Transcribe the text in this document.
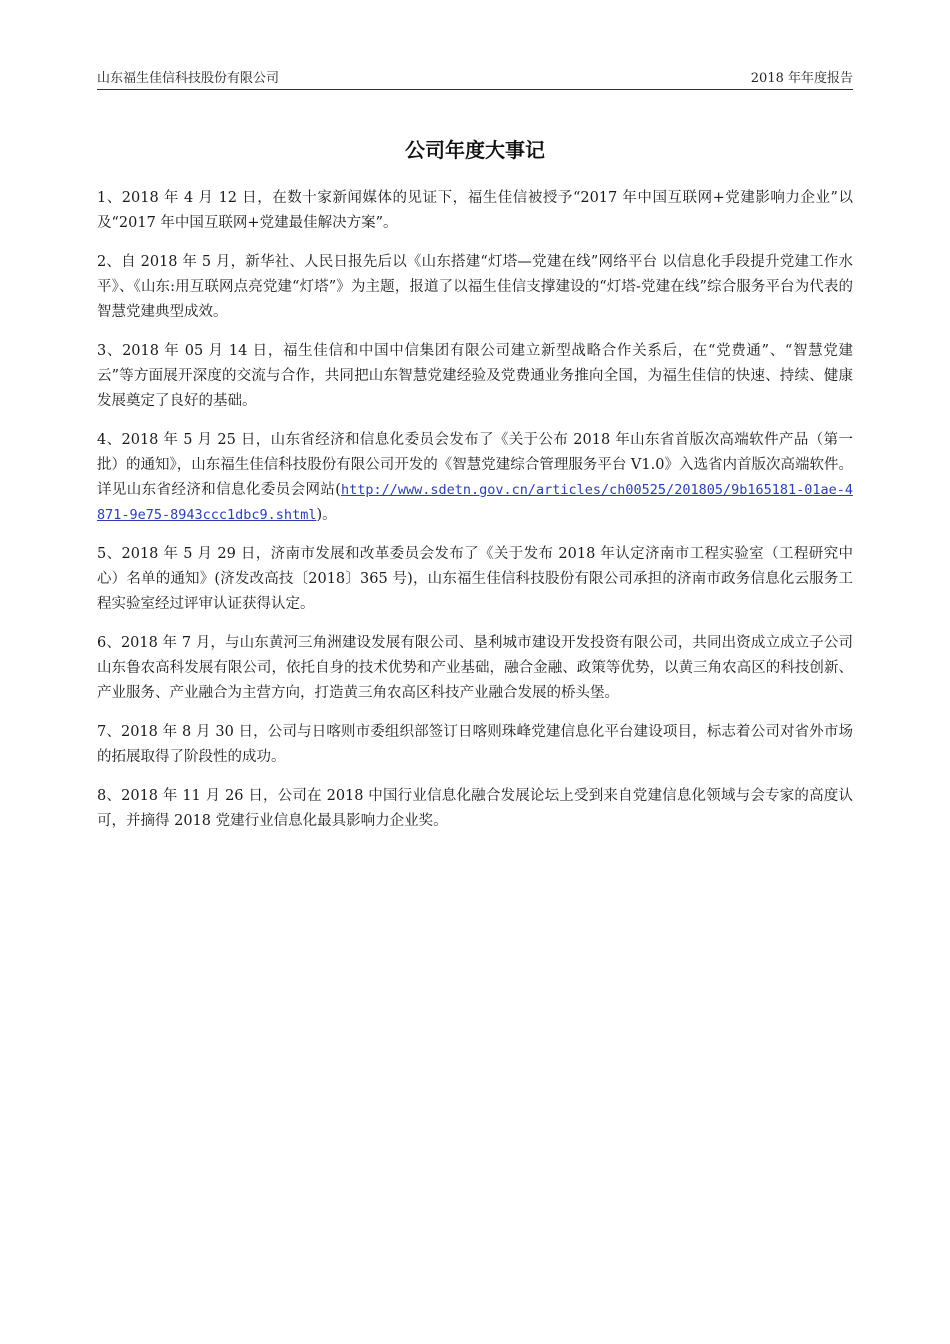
山东福生佳信科技股份有限公司	2018 年年度报告
公司年度大事记
1、2018 年 4 月 12 日，在数十家新闻媒体的见证下，福生佳信被授予“2017 年中国互联网+党建影响力企业”以及“2017 年中国互联网+党建最佳解决方案”。
2、自 2018 年 5 月，新华社、人民日报先后以《山东搭建“灯塔—党建在线”网络平台 以信息化手段提升党建工作水平》、《山东:用互联网点亮党建“灯塔”》为主题，报道了以福生佳信支撑建设的“灯塔-党建在线”综合服务平台为代表的智慧党建典型成效。
3、2018 年 05 月 14 日，福生佳信和中国中信集团有限公司建立新型战略合作关系后，在“党费通”、“智慧党建云”等方面展开深度的交流与合作，共同把山东智慧党建经验及党费通业务推向全国，为福生佳信的快速、持续、健康发展奠定了良好的基础。
4、2018 年 5 月 25 日，山东省经济和信息化委员会发布了《关于公布 2018 年山东省首版次高端软件产品（第一批）的通知》，山东福生佳信科技股份有限公司开发的《智慧党建综合管理服务平台 V1.0》入选省内首版次高端软件。详见山东省经济和信息化委员会网站(http://www.sdetn.gov.cn/articles/ch00525/201805/9b165181-01ae-4871-9e75-8943ccc1dbc9.shtml)。
5、2018 年 5 月 29 日，济南市发展和改革委员会发布了《关于发布 2018 年认定济南市工程实验室（工程研究中心）名单的通知》(济发改高技〔2018〕365 号)，山东福生佳信科技股份有限公司承担的济南市政务信息化云服务工程实验室经过评审认证获得认定。
6、2018 年 7 月，与山东黄河三角洲建设发展有限公司、垦利城市建设开发投资有限公司，共同出资成立成立子公司山东鲁农高科发展有限公司，依托自身的技术优势和产业基础，融合金融、政策等优势，以黄三角农高区的科技创新、产业服务、产业融合为主营方向，打造黄三角农高区科技产业融合发展的桥头堡。
7、2018 年 8 月 30 日，公司与日喀则市委组织部签订日喀则珠峰党建信息化平台建设项目，标志着公司对省外市场的拓展取得了阶段性的成功。
8、2018 年 11 月 26 日，公司在 2018 中国行业信息化融合发展论坛上受到来自党建信息化领域与会专家的高度认可，并摘得 2018 党建行业信息化最具影响力企业奖。
